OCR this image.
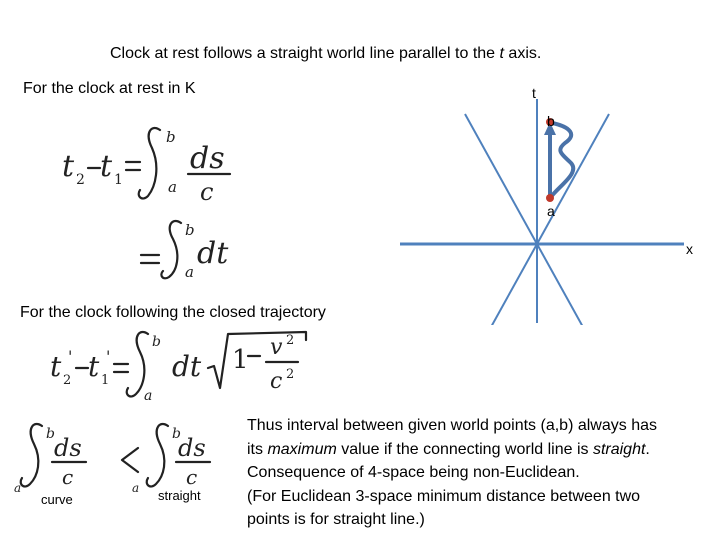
Clock at rest follows a straight world line parallel to the t axis.
For the clock at rest in K
t 2 t 1
b
a
ds
c
b
a
dt
t
x
b
a
For the clock following the closed trajectory
t 2
' t 1
'
b
a
dt 1 v 2
c 2
b
a
ds
c
b
a
ds
c
curve	straight
Thus interval between given world points (a,b) always has
its maximum value if the connecting world line is straight.
Consequence of 4-space being non-Euclidean.
(For Euclidean 3-space minimum distance between two
points is for straight line.)
